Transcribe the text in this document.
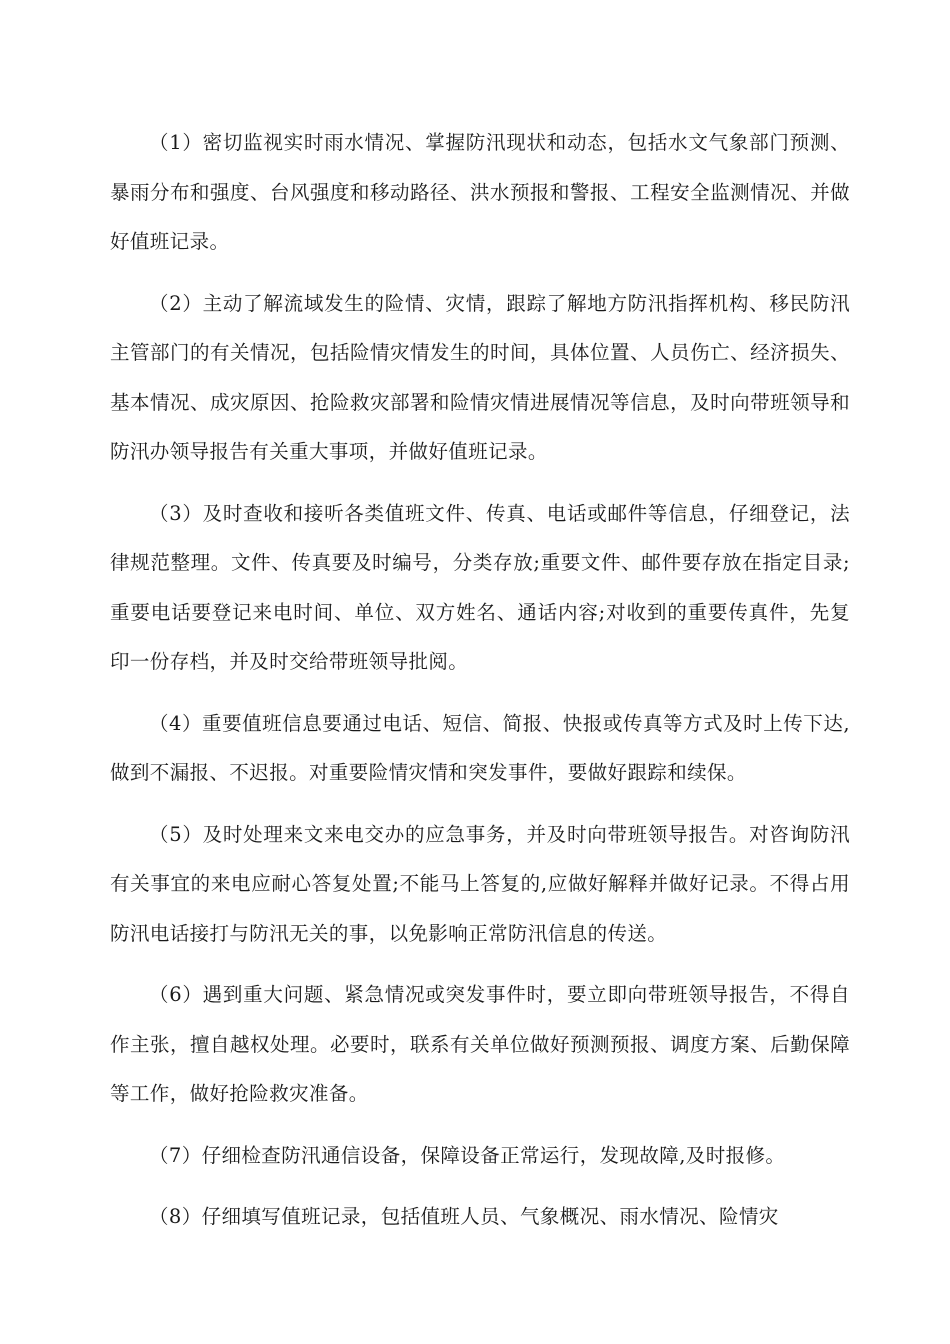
（1）密切监视实时雨水情况、掌握防汛现状和动态，包括水文气象部门预测、暴雨分布和强度、台风强度和移动路径、洪水预报和警报、工程安全监测情况、并做好值班记录。

（2）主动了解流域发生的险情、灾情，跟踪了解地方防汛指挥机构、移民防汛主管部门的有关情况，包括险情灾情发生的时间，具体位置、人员伤亡、经济损失、基本情况、成灾原因、抢险救灾部署和险情灾情进展情况等信息，及时向带班领导和防汛办领导报告有关重大事项，并做好值班记录。

（3）及时查收和接听各类值班文件、传真、电话或邮件等信息，仔细登记，法律规范整理。文件、传真要及时编号，分类存放;重要文件、邮件要存放在指定目录;重要电话要登记来电时间、单位、双方姓名、通话内容;对收到的重要传真件，先复印一份存档，并及时交给带班领导批阅。

（4）重要值班信息要通过电话、短信、简报、快报或传真等方式及时上传下达,做到不漏报、不迟报。对重要险情灾情和突发事件，要做好跟踪和续保。

（5）及时处理来文来电交办的应急事务，并及时向带班领导报告。对咨询防汛有关事宜的来电应耐心答复处置;不能马上答复的,应做好解释并做好记录。不得占用防汛电话接打与防汛无关的事，以免影响正常防汛信息的传送。

（6）遇到重大问题、紧急情况或突发事件时，要立即向带班领导报告，不得自作主张，擅自越权处理。必要时，联系有关单位做好预测预报、调度方案、后勤保障等工作，做好抢险救灾准备。

（7）仔细检查防汛通信设备，保障设备正常运行，发现故障,及时报修。

（8）仔细填写值班记录，包括值班人员、气象概况、雨水情况、险情灾
